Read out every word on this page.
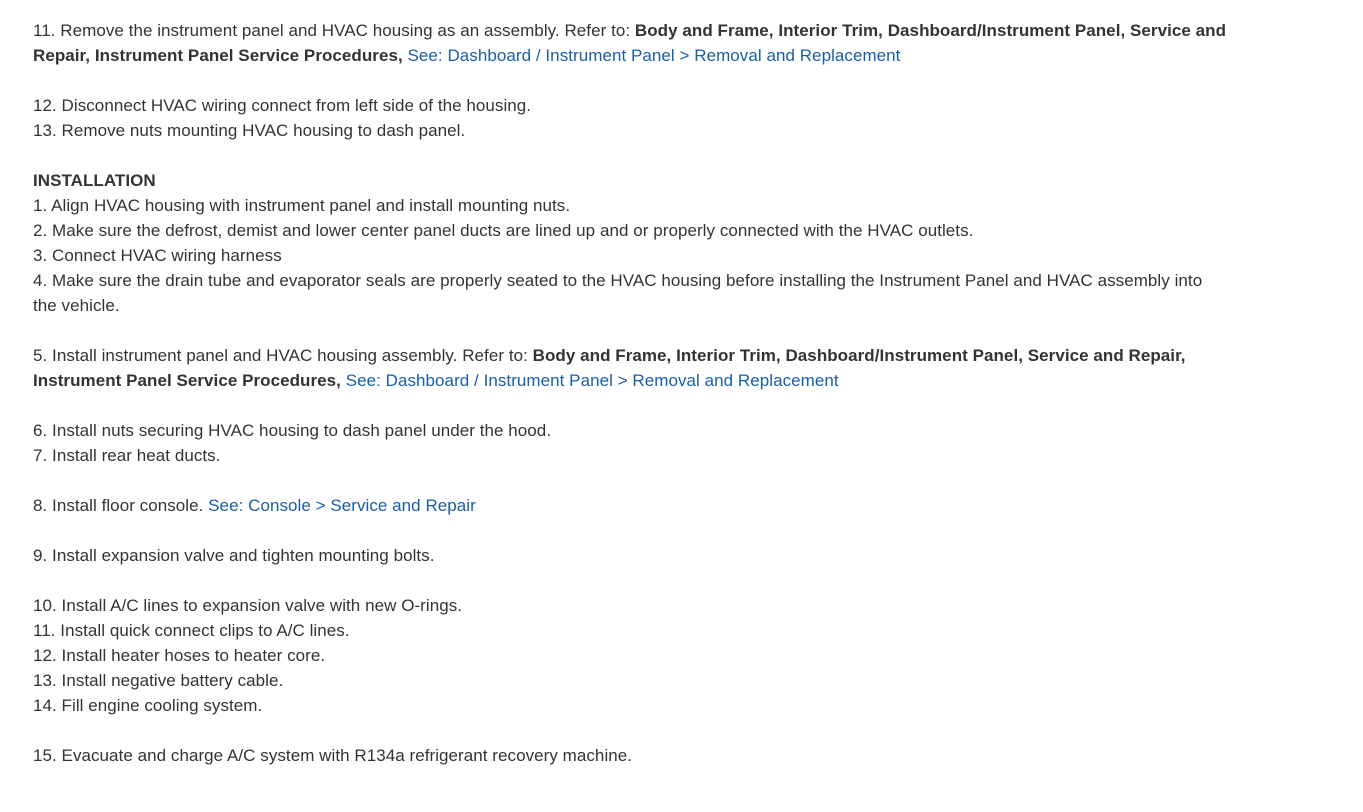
11. Remove the instrument panel and HVAC housing as an assembly. Refer to: Body and Frame, Interior Trim, Dashboard/Instrument Panel, Service and
Repair, Instrument Panel Service Procedures, See: Dashboard / Instrument Panel > Removal and Replacement
12. Disconnect HVAC wiring connect from left side of the housing.
13. Remove nuts mounting HVAC housing to dash panel.
INSTALLATION
1. Align HVAC housing with instrument panel and install mounting nuts.
2. Make sure the defrost, demist and lower center panel ducts are lined up and or properly connected with the HVAC outlets.
3. Connect HVAC wiring harness
4. Make sure the drain tube and evaporator seals are properly seated to the HVAC housing before installing the Instrument Panel and HVAC assembly into
the vehicle.
5. Install instrument panel and HVAC housing assembly. Refer to: Body and Frame, Interior Trim, Dashboard/Instrument Panel, Service and Repair,
Instrument Panel Service Procedures, See: Dashboard / Instrument Panel > Removal and Replacement
6. Install nuts securing HVAC housing to dash panel under the hood.
7. Install rear heat ducts.
8. Install floor console. See: Console > Service and Repair
9. Install expansion valve and tighten mounting bolts.
10. Install A/C lines to expansion valve with new O-rings.
11. Install quick connect clips to A/C lines.
12. Install heater hoses to heater core.
13. Install negative battery cable.
14. Fill engine cooling system.
15. Evacuate and charge A/C system with R134a refrigerant recovery machine.
